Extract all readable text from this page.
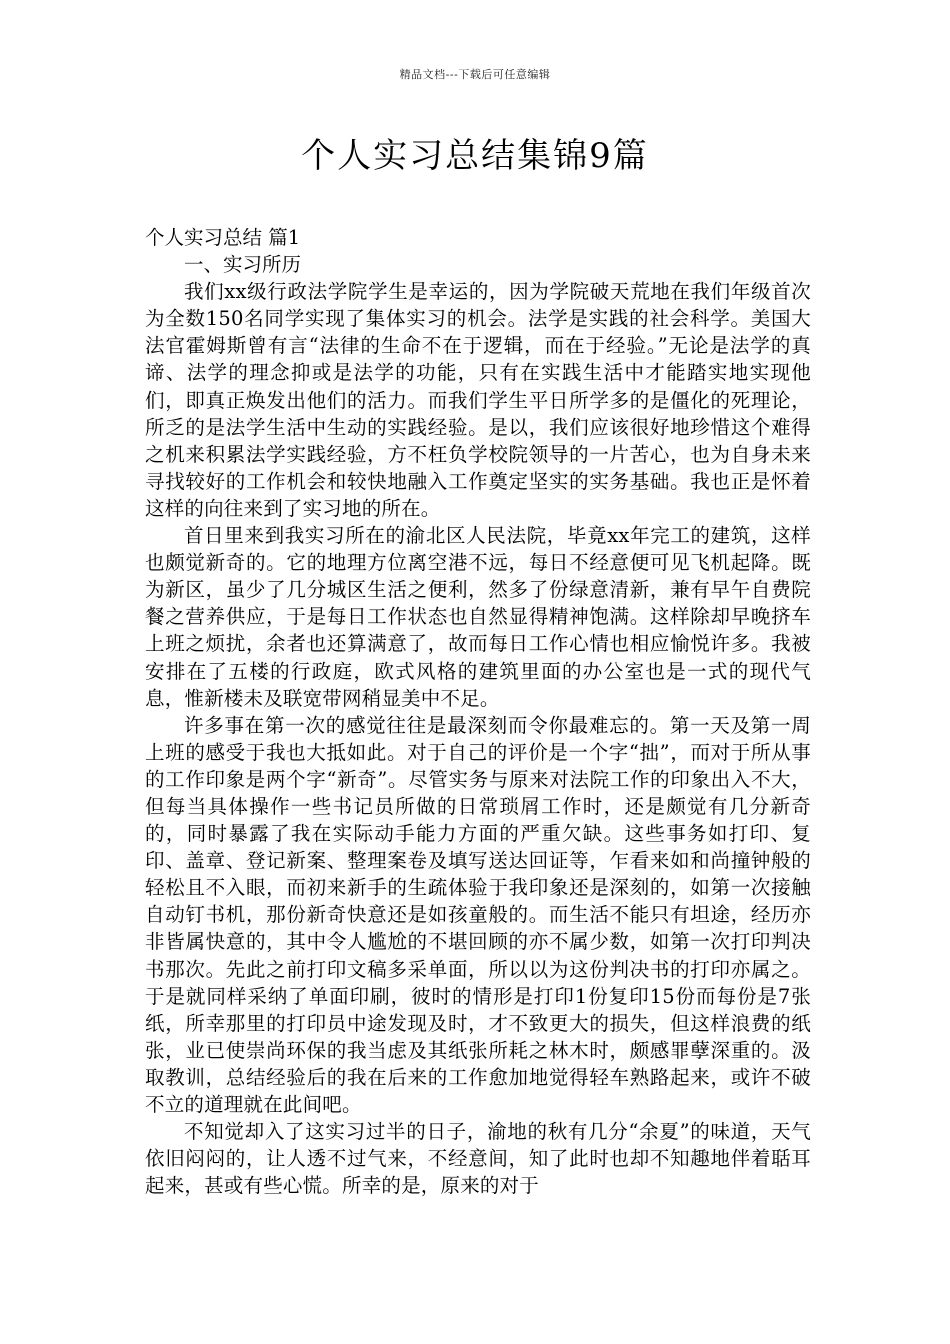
精品文档---下载后可任意编辑
个人实习总结集锦9篇

个人实习总结 篇1

一、实习所历

我们xx级行政法学院学生是幸运的，因为学院破天荒地在我们年级首次为全数150名同学实现了集体实习的机会。法学是实践的社会科学。美国大法官霍姆斯曾有言“法律的生命不在于逻辑，而在于经验。”无论是法学的真谛、法学的理念抑或是法学的功能，只有在实践生活中才能踏实地实现他们，即真正焕发出他们的活力。而我们学生平日所学多的是僵化的死理论，所乏的是法学生活中生动的实践经验。是以，我们应该很好地珍惜这个难得之机来积累法学实践经验，方不枉负学校院领导的一片苦心，也为自身未来寻找较好的工作机会和较快地融入工作奠定坚实的实务基础。我也正是怀着这样的向往来到了实习地的所在。

首日里来到我实习所在的渝北区人民法院，毕竟xx年完工的建筑，这样也颇觉新奇的。它的地理方位离空港不远，每日不经意便可见飞机起降。既为新区，虽少了几分城区生活之便利，然多了份绿意清新，兼有早午自费院餐之营养供应，于是每日工作状态也自然显得精神饱满。这样除却早晚挤车上班之烦扰，余者也还算满意了，故而每日工作心情也相应愉悦许多。我被安排在了五楼的行政庭，欧式风格的建筑里面的办公室也是一式的现代气息，惟新楼未及联宽带网稍显美中不足。

许多事在第一次的感觉往往是最深刻而令你最难忘的。第一天及第一周上班的感受于我也大抵如此。对于自己的评价是一个字“拙”，而对于所从事的工作印象是两个字“新奇”。尽管实务与原来对法院工作的印象出入不大，但每当具体操作一些书记员所做的日常琐屑工作时，还是颇觉有几分新奇的，同时暴露了我在实际动手能力方面的严重欠缺。这些事务如打印、复印、盖章、登记新案、整理案卷及填写送达回证等，乍看来如和尚撞钟般的轻松且不入眼，而初来新手的生疏体验于我印象还是深刻的，如第一次接触自动钉书机，那份新奇快意还是如孩童般的。而生活不能只有坦途，经历亦非皆属快意的，其中令人尴尬的不堪回顾的亦不属少数，如第一次打印判决书那次。先此之前打印文稿多采单面，所以以为这份判决书的打印亦属之。于是就同样采纳了单面印刷，彼时的情形是打印1份复印15份而每份是7张纸，所幸那里的打印员中途发现及时，才不致更大的损失，但这样浪费的纸张，业已使崇尚环保的我当虑及其纸张所耗之林木时，颇感罪孽深重的。汲取教训，总结经验后的我在后来的工作愈加地觉得轻车熟路起来，或许不破不立的道理就在此间吧。

不知觉却入了这实习过半的日子，渝地的秋有几分“余夏”的味道，天气依旧闷闷的，让人透不过气来，不经意间，知了此时也却不知趣地伴着聒耳起来，甚或有些心慌。所幸的是，原来的对于
